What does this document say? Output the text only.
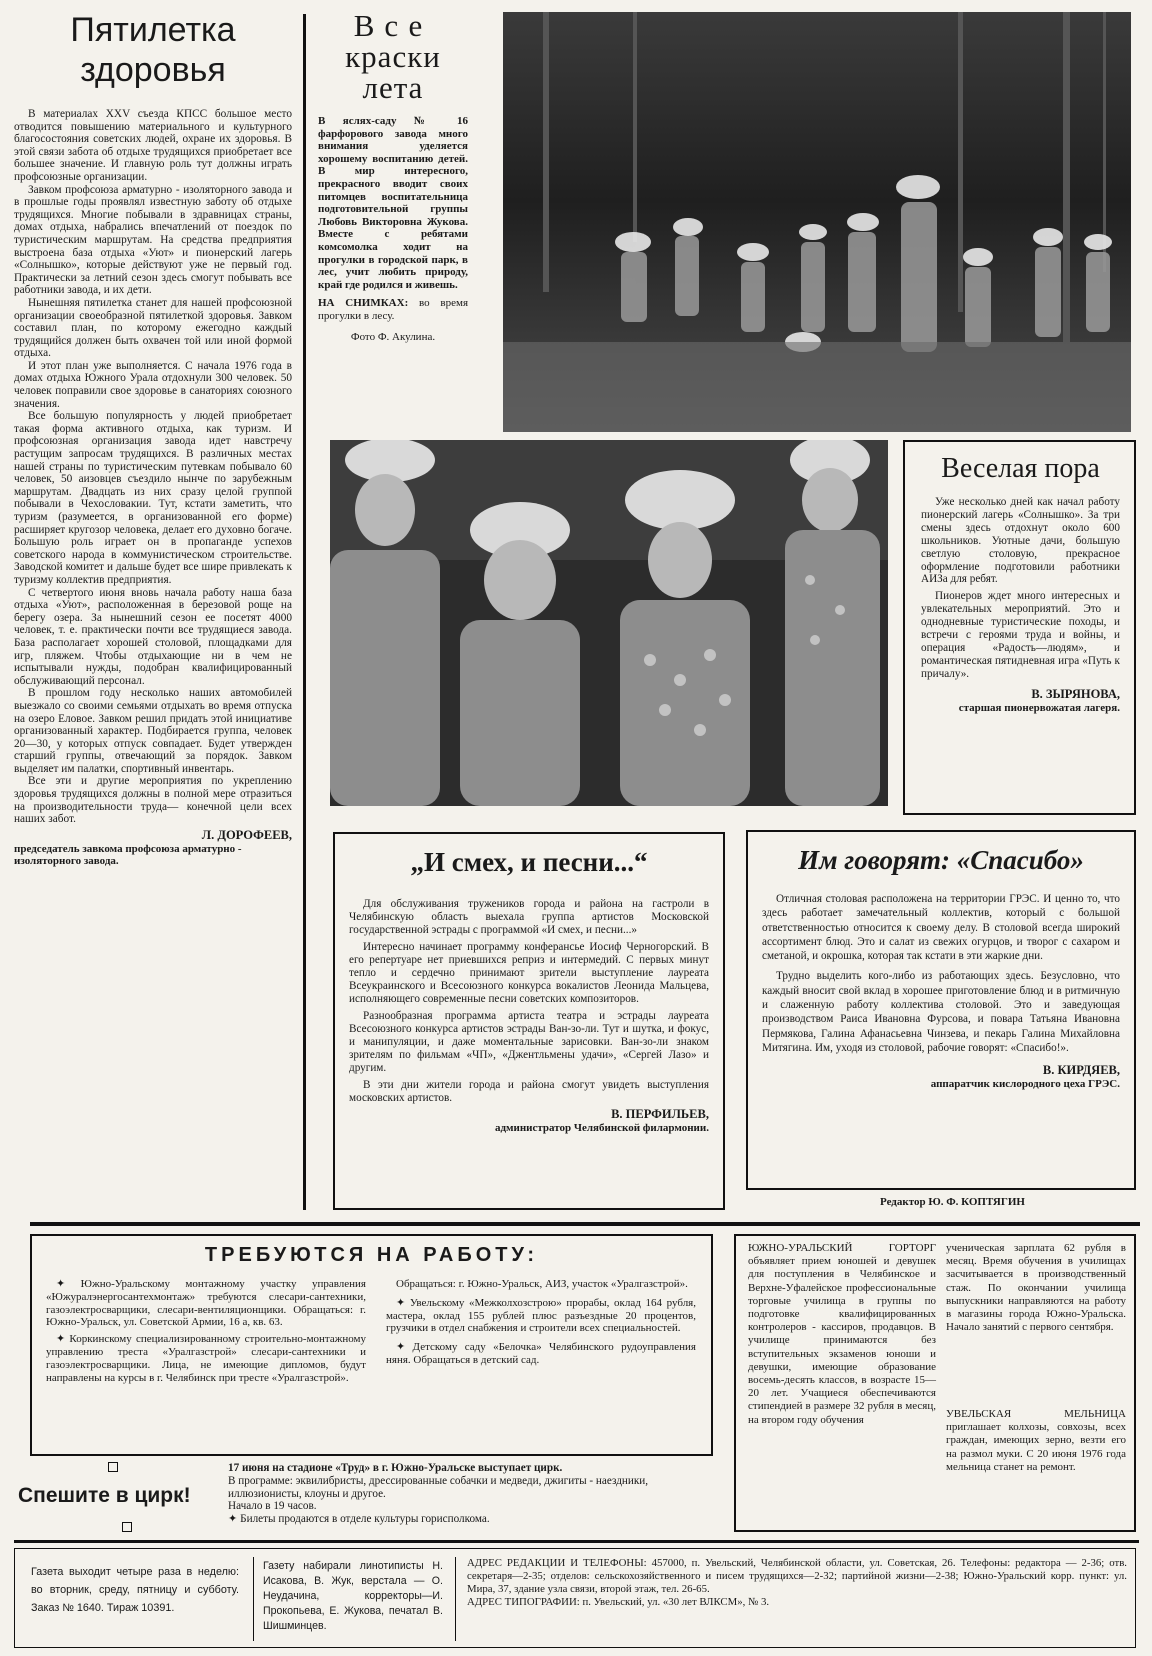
Пятилетка
здоровья

В материалах XXV съезда КПСС большое место отводится повышению материального и культурного благосостояния советских людей, охране их здоровья. В этой связи забота об отдыхе трудящихся приобретает все большее значение. И главную роль тут должны играть профсоюзные организации.

Завком профсоюза арматурно - изоляторного завода и в прошлые годы проявлял известную заботу об отдыхе трудящихся. Многие побывали в здравницах страны, домах отдыха, набрались впечатлений от поездок по туристическим маршрутам. На средства предприятия выстроена база отдыха «Уют» и пионерский лагерь «Солнышко», которые действуют уже не первый год. Практически за летний сезон здесь смогут побывать все работники завода, и их дети.

Нынешняя пятилетка станет для нашей профсоюзной организации своеобразной пятилеткой здоровья. Завком составил план, по которому ежегодно каждый трудящийся должен быть охвачен той или иной формой отдыха.

И этот план уже выполняется. С начала 1976 года в домах отдыха Южного Урала отдохнули 300 человек. 50 человек поправили свое здоровье в санаториях союзного значения.

Все большую популярность у людей приобретает такая форма активного отдыха, как туризм. И профсоюзная организация завода идет навстречу растущим запросам трудящихся. В различных местах нашей страны по туристическим путевкам побывало 60 человек, 50 аизовцев съездило нынче по зарубежным маршрутам. Двадцать из них сразу целой группой побывали в Чехословакии. Тут, кстати заметить, что туризм (разумеется, в организованной его форме) расширяет кругозор человека, делает его духовно богаче. Большую роль играет он в пропаганде успехов советского народа в коммунистическом строительстве. Заводской комитет и дальше будет все шире привлекать к туризму коллектив предприятия.

С четвертого июня вновь начала работу наша база отдыха «Уют», расположенная в березовой роще на берегу озера. За нынешний сезон ее посетят 4000 человек, т. е. практически почти все трудящиеся завода. База располагает хорошей столовой, площадками для игр, пляжем. Чтобы отдыхающие ни в чем не испытывали нужды, подобран квалифицированный обслуживающий персонал.

В прошлом году несколько наших автомобилей выезжало со своими семьями отдыхать во время отпуска на озеро Еловое. Завком решил придать этой инициативе организованный характер. Подбирается группа, человек 20—30, у которых отпуск совпадает. Будет утвержден старший группы, отвечающий за порядок. Завком выделяет им палатки, спортивный инвентарь.

Все эти и другие мероприятия по укреплению здоровья трудящихся должны в полной мере отразиться на производительности труда— конечной цели всех наших забот.

Л. ДОРОФЕЕВ,
председатель завкома профсоюза арматурно - изоляторного завода.
Все
краски
лета
В яслях-саду № 16 фарфорового завода много внимания уделяется хорошему воспитанию детей. В мир интересного, прекрасного вводит своих питомцев воспитательница подготовительной группы Любовь Викторовна Жукова. Вместе с ребятами комсомолка ходит на прогулки в городской парк, в лес, учит любить природу, край где родился и живешь.
НА СНИМКАХ: во время прогулки в лесу.
Фото Ф. Акулина.
Веселая пора

Уже несколько дней как начал работу пионерский лагерь «Солнышко». За три смены здесь отдохнут около 600 школьников. Уютные дачи, большую светлую столовую, прекрасное оформление подготовили работники АИЗа для ребят.

Пионеров ждет много интересных и увлекательных мероприятий. Это и однодневные туристические походы, и встречи с героями труда и войны, и операция «Радость—людям», и романтическая пятидневная игра «Путь к причалу».

В. ЗЫРЯНОВА,
старшая пионервожатая лагеря.
„И смех, и песни...“

Для обслуживания тружеников города и района на гастроли в Челябинскую область выехала группа артистов Московской государственной эстрады с программой «И смех, и песни...»

Интересно начинает программу конферансье Иосиф Черногорский. В его репертуаре нет приевшихся реприз и интермедий. С первых минут тепло и сердечно принимают зрители выступление лауреата Всеукраинского и Всесоюзного конкурса вокалистов Леонида Мальцева, исполняющего современные песни советских композиторов.

Разнообразная программа артиста театра и эстрады лауреата Всесоюзного конкурса артистов эстрады Ван-зо-ли. Тут и шутка, и фокус, и манипуляции, и даже моментальные зарисовки. Ван-зо-ли знаком зрителям по фильмам «ЧП», «Джентльмены удачи», «Сергей Лазо» и другим.

В эти дни жители города и района смогут увидеть выступления московских артистов.

В. ПЕРФИЛЬЕВ,
администратор Челябинской филармонии.
Им говорят: «Спасибо»

Отличная столовая расположена на территории ГРЭС. И ценно то, что здесь работает замечательный коллектив, который с большой ответственностью относится к своему делу. В столовой всегда широкий ассортимент блюд. Это и салат из свежих огурцов, и творог с сахаром и сметаной, и окрошка, которая так кстати в эти жаркие дни.

Трудно выделить кого-либо из работающих здесь. Безусловно, что каждый вносит свой вклад в хорошее приготовление блюд и в ритмичную и слаженную работу коллектива столовой. Это и заведующая производством Раиса Ивановна Фурсова, и повара Татьяна Ивановна Пермякова, Галина Афанасьевна Чинзева, и пекарь Галина Михайловна Митягина. Им, уходя из столовой, рабочие говорят: «Спасибо!».

В. КИРДЯЕВ,
аппаратчик кислородного цеха ГРЭС.
Редактор Ю. Ф. КОПТЯГИН
ТРЕБУЮТСЯ НА РАБОТУ:
✦ Южно-Уральскому монтажному участку управления «Южуралэнергосантехмонтаж» требуются слесари-сантехники, газоэлектросварщики, слесари-вентиляционщики. Обращаться: г. Южно-Уральск, ул. Советской Армии, 16 а, кв. 63.
✦ Коркинскому специализированному строительно-монтажному управлению треста «Уралгазстрой» слесари-сантехники и газоэлектросварщики. Лица, не имеющие дипломов, будут направлены на курсы в г. Челябинск при тресте «Уралгазстрой».
Обращаться: г. Южно-Уральск, АИЗ, участок «Уралгазстрой».
✦ Увельскому «Межколхозстрою» прорабы, оклад 164 рубля, мастера, оклад 155 рублей плюс разъездные 20 процентов, грузчики в отдел снабжения и строители всех специальностей.
✦ Детскому саду «Белочка» Челябинского рудоуправления няня. Обращаться в детский сад.
Спешите в цирк!
17 июня на стадионе «Труд» в г. Южно-Уральске выступает цирк.
В программе: эквилибристы, дрессированные собачки и медведи, джигиты - наездники, иллюзионисты, клоуны и другое.
Начало в 19 часов.
✦ Билеты продаются в отделе культуры горисполкома.
ЮЖНО-УРАЛЬСКИЙ ГОРТОРГ объявляет прием юношей и девушек для поступления в Челябинское и Верхне-Уфалейское профессиональные торговые училища в группы по подготовке квалифицированных контролеров - кассиров, продавцов. В училище принимаются без вступительных экзаменов юноши и девушки, имеющие образование восемь-десять классов, в возрасте 15—20 лет. Учащиеся обеспечиваются стипендией в размере 32 рубля в месяц, на втором году обучения
ученическая зарплата 62 рубля в месяц. Время обучения в училищах засчитывается в производственный стаж. По окончании училища выпускники направляются на работу в магазины города Южно-Уральска. Начало занятий с первого сентября.
УВЕЛЬСКАЯ МЕЛЬНИЦА приглашает колхозы, совхозы, всех граждан, имеющих зерно, везти его на размол муки. С 20 июня 1976 года мельница станет на ремонт.
Газета выходит четыре раза в неделю: во вторник, среду, пятницу и субботу. Заказ № 1640. Тираж 10391.
Газету набирали линотиписты Н. Исакова, В. Жук, верстала — О. Неудачина, корректоры—И. Прокопьева, Е. Жукова, печатал В. Шишминцев.
АДРЕС РЕДАКЦИИ И ТЕЛЕФОНЫ: 457000, п. Увельский, Челябинской области, ул. Советская, 26. Телефоны: редактора — 2-36; отв. секретаря—2-35; отделов: сельскохозяйственного и писем трудящихся—2-32; партийной жизни—2-38; Южно-Уральский корр. пункт: ул. Мира, 37, здание узла связи, второй этаж, тел. 26-65.
АДРЕС ТИПОГРАФИИ: п. Увельский, ул. «30 лет ВЛКСМ», № 3.
